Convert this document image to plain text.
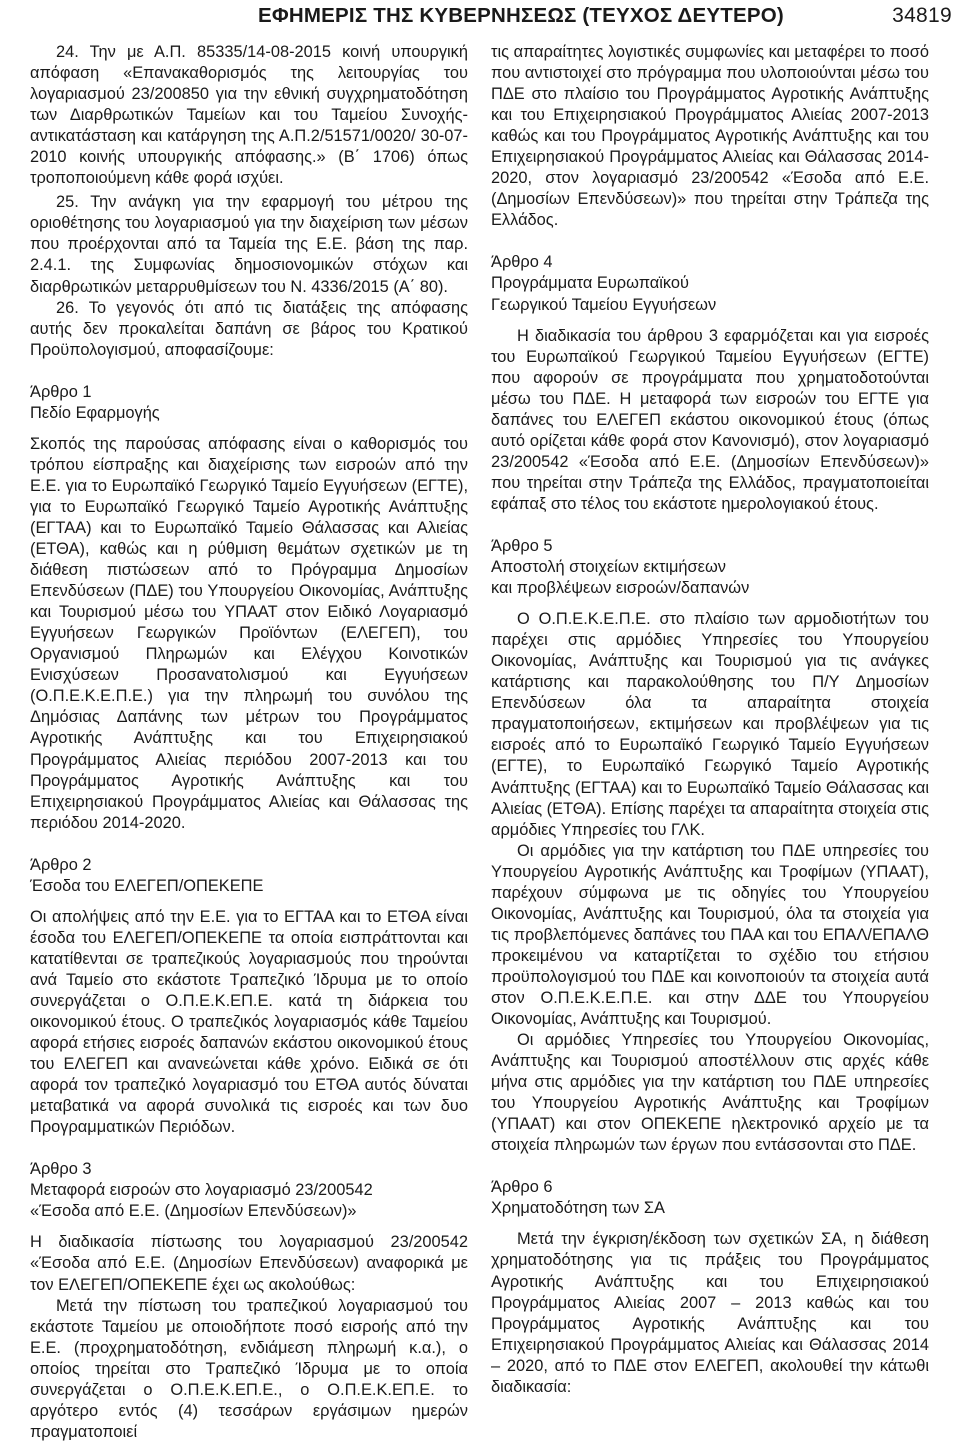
ΕΦΗΜΕΡΙΣ ΤΗΣ ΚΥΒΕΡΝΗΣΕΩΣ (ΤΕΥΧΟΣ ΔΕΥΤΕΡΟ)	34819

24. Την με Α.Π. 85335/14-08-2015 κοινή υπουργική απόφαση «Επανακαθορισμός της λειτουργίας του λογαριασμού 23/200850 για την εθνική συγχρηματοδότηση των Διαρθρωτικών Ταμείων και του Ταμείου Συνοχής-αντικατάσταση και κατάργηση της Α.Π.2/51571/0020/ 30-07-2010 κοινής υπουργικής απόφασης.» (Β΄ 1706) όπως τροποποιούμενη κάθε φορά ισχύει.

25. Την ανάγκη για την εφαρμογή του μέτρου της οριοθέτησης του λογαριασμού για την διαχείριση των μέσων που προέρχονται από τα Ταμεία της Ε.Ε. βάση της παρ. 2.4.1. της Συμφωνίας δημοσιονομικών στόχων και διαρθρωτικών μεταρρυθμίσεων του Ν. 4336/2015 (Α΄ 80).

26. Το γεγονός ότι από τις διατάξεις της απόφασης αυτής δεν προκαλείται δαπάνη σε βάρος του Κρατικού Προϋπολογισμού, αποφασίζουμε:

Άρθρο 1

Πεδίο Εφαρμογής

Σκοπός της παρούσας απόφασης είναι ο καθορισμός του τρόπου είσπραξης και διαχείρισης των εισροών από την Ε.Ε. για το Ευρωπαϊκό Γεωργικό Ταμείο Εγγυήσεων (ΕΓΤΕ), για το Ευρωπαϊκό Γεωργικό Ταμείο Αγροτικής Ανάπτυξης (ΕΓΤΑΑ) και το Ευρωπαϊκό Ταμείο Θάλασσας και Αλιείας (ΕΤΘΑ), καθώς και η ρύθμιση θεμάτων σχετικών με τη διάθεση πιστώσεων από το Πρόγραμμα Δημοσίων Επενδύσεων (ΠΔΕ) του Υπουργείου Οικονομίας, Ανάπτυξης και Τουρισμού μέσω του ΥΠΑΑΤ στον Ειδικό Λογαριασμό Εγγυήσεων Γεωργικών Προϊόντων (ΕΛΕΓΕΠ), του Οργανισμού Πληρωμών και Ελέγχου Κοινοτικών Ενισχύσεων Προσανατολισμού και Εγγυήσεων (Ο.Π.Ε.Κ.Ε.Π.Ε.) για την πληρωμή του συνόλου της Δημόσιας Δαπάνης των μέτρων του Προγράμματος Αγροτικής Ανάπτυξης και του Επιχειρησιακού Προγράμματος Αλιείας περιόδου 2007-2013 και του Προγράμματος Αγροτικής Ανάπτυξης και του Επιχειρησιακού Προγράμματος Αλιείας και Θάλασσας της περιόδου 2014-2020.

Άρθρο 2

Έσοδα του ΕΛΕΓΕΠ/ΟΠΕΚΕΠΕ

Οι απολήψεις από την Ε.Ε. για το ΕΓΤΑΑ και το ΕΤΘΑ είναι έσοδα του ΕΛΕΓΕΠ/ΟΠΕΚΕΠΕ τα οποία εισπράττονται και κατατίθενται σε τραπεζικούς λογαριασμούς που τηρούνται ανά Ταμείο στο εκάστοτε Τραπεζικό Ίδρυμα με το οποίο συνεργάζεται ο Ο.Π.Ε.Κ.ΕΠ.Ε. κατά τη διάρκεια του οικονομικού έτους. Ο τραπεζικός λογαριασμός κάθε Ταμείου αφορά ετήσιες εισροές δαπανών εκάστου οικονομικού έτους του ΕΛΕΓΕΠ και ανανεώνεται κάθε χρόνο. Ειδικά σε ότι αφορά τον τραπεζικό λογαριασμό του ΕΤΘΑ αυτός δύναται μεταβατικά να αφορά συνολικά τις εισροές και των δυο Προγραμματικών Περιόδων.

Άρθρο 3

Μεταφορά εισροών στο λογαριασμό 23/200542

«Έσοδα από Ε.Ε. (Δημοσίων Επενδύσεων)»

Η διαδικασία πίστωσης του λογαριασμού 23/200542 «Έσοδα από Ε.Ε. (Δημοσίων Επενδύσεων) αναφορικά με τον ΕΛΕΓΕΠ/ΟΠΕΚΕΠΕ έχει ως ακολούθως:

Μετά την πίστωση του τραπεζικού λογαριασμού του εκάστοτε Ταμείου με οποιοδήποτε ποσό εισροής από την Ε.Ε. (προχρηματοδότηση, ενδιάμεση πληρωμή κ.α.), ο οποίος τηρείται στο Τραπεζικό Ίδρυμα με το οποία συνεργάζεται ο Ο.Π.Ε.Κ.ΕΠ.Ε., ο Ο.Π.Ε.Κ.ΕΠ.Ε. το αργότερο εντός (4) τεσσάρων εργάσιμων ημερών πραγματοποιεί

τις απαραίτητες λογιστικές συμφωνίες και μεταφέρει το ποσό που αντιστοιχεί στο πρόγραμμα που υλοποιούνται μέσω του ΠΔΕ στο πλαίσιο του Προγράμματος Αγροτικής Ανάπτυξης και του Επιχειρησιακού Προγράμματος Αλιείας 2007-2013 καθώς και του Προγράμματος Αγροτικής Ανάπτυξης και του Επιχειρησιακού Προγράμματος Αλιείας και Θάλασσας 2014-2020, στον λογαριασμό 23/200542 «Έσοδα από Ε.Ε. (Δημοσίων Επενδύσεων)» που τηρείται στην Τράπεζα της Ελλάδος.

Άρθρο 4

Προγράμματα Ευρωπαϊκού

Γεωργικού Ταμείου Εγγυήσεων

Η διαδικασία του άρθρου 3 εφαρμόζεται και για εισροές του Ευρωπαϊκού Γεωργικού Ταμείου Εγγυήσεων (ΕΓΤΕ) που αφορούν σε προγράμματα που χρηματοδοτούνται μέσω του ΠΔΕ. Η μεταφορά των εισροών του ΕΓΤΕ για δαπάνες του ΕΛΕΓΕΠ εκάστου οικονομικού έτους (όπως αυτό ορίζεται κάθε φορά στον Κανονισμό), στον λογαριασμό 23/200542 «Έσοδα από Ε.Ε. (Δημοσίων Επενδύσεων)» που τηρείται στην Τράπεζα της Ελλάδος, πραγματοποιείται εφάπαξ στο τέλος του εκάστοτε ημερολογιακού έτους.

Άρθρο 5

Αποστολή στοιχείων εκτιμήσεων

και προβλέψεων εισροών/δαπανών

Ο Ο.Π.Ε.Κ.Ε.Π.Ε. στο πλαίσιο των αρμοδιοτήτων του παρέχει στις αρμόδιες Υπηρεσίες του Υπουργείου Οικονομίας, Ανάπτυξης και Τουρισμού για τις ανάγκες κατάρτισης και παρακολούθησης του Π/Υ Δημοσίων Επενδύσεων όλα τα απαραίτητα στοιχεία πραγματοποιήσεων, εκτιμήσεων και προβλέψεων για τις εισροές από το Ευρωπαϊκό Γεωργικό Ταμείο Εγγυήσεων (ΕΓΤΕ), το Ευρωπαϊκό Γεωργικό Ταμείο Αγροτικής Ανάπτυξης (ΕΓΤΑΑ) και το Ευρωπαϊκό Ταμείο Θάλασσας και Αλιείας (ΕΤΘΑ). Επίσης παρέχει τα απαραίτητα στοιχεία στις αρμόδιες Υπηρεσίες του ΓΛΚ.

Οι αρμόδιες για την κατάρτιση του ΠΔΕ υπηρεσίες του Υπουργείου Αγροτικής Ανάπτυξης και Τροφίμων (ΥΠΑΑΤ), παρέχουν σύμφωνα με τις οδηγίες του Υπουργείου Οικονομίας, Ανάπτυξης και Τουρισμού, όλα τα στοιχεία για τις προβλεπόμενες δαπάνες του ΠΑΑ και του ΕΠΑΛ/ΕΠΑΛΘ προκειμένου να καταρτίζεται το σχέδιο του ετήσιου προϋπολογισμού του ΠΔΕ και κοινοποιούν τα στοιχεία αυτά στον Ο.Π.Ε.Κ.Ε.Π.Ε. και στην ΔΔΕ του Υπουργείου Οικονομίας, Ανάπτυξης και Τουρισμού.

Οι αρμόδιες Υπηρεσίες του Υπουργείου Οικονομίας, Ανάπτυξης και Τουρισμού αποστέλλουν στις αρχές κάθε μήνα στις αρμόδιες για την κατάρτιση του ΠΔΕ υπηρεσίες του Υπουργείου Αγροτικής Ανάπτυξης και Τροφίμων (ΥΠΑΑΤ) και στον ΟΠΕΚΕΠΕ ηλεκτρονικό αρχείο με τα στοιχεία πληρωμών των έργων που εντάσσονται στο ΠΔΕ.

Άρθρο 6

Χρηματοδότηση των ΣΑ

Μετά την έγκριση/έκδοση των σχετικών ΣΑ, η διάθεση χρηματοδότησης για τις πράξεις του Προγράμματος Αγροτικής Ανάπτυξης και του Επιχειρησιακού Προγράμματος Αλιείας 2007 – 2013 καθώς και του Προγράμματος Αγροτικής Ανάπτυξης και του Επιχειρησιακού Προγράμματος Αλιείας και Θάλασσας 2014 – 2020, από το ΠΔΕ στον ΕΛΕΓΕΠ, ακολουθεί την κάτωθι διαδικασία:
